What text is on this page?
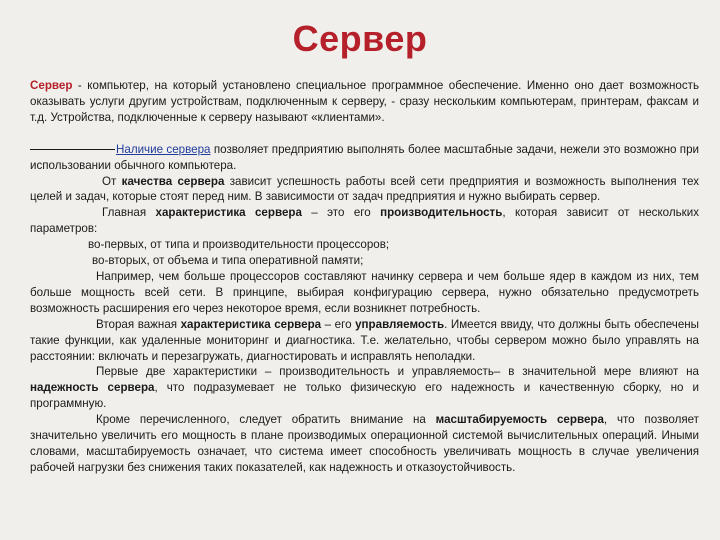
Сервер

Сервер - компьютер, на который установлено специальное программное обеспечение. Именно оно дает возможность оказывать услуги другим устройствам, подключенным к серверу, - сразу нескольким компьютерам, принтерам, факсам и т.д. Устройства, подключенные к серверу называют «клиентами».

Наличие сервера позволяет предприятию выполнять более масштабные задачи, нежели это возможно при использовании обычного компьютера.

От качества сервера зависит успешность работы всей сети предприятия и возможность выполнения тех целей и задач, которые стоят перед ним. В зависимости от задач предприятия и нужно выбирать сервер.

Главная характеристика сервера – это его производительность, которая зависит от нескольких параметров:

во-первых, от типа и производительности процессоров;

во-вторых, от объема и типа оперативной памяти;

Например, чем больше процессоров составляют начинку сервера и чем больше ядер в каждом из них, тем больше мощность всей сети. В принципе, выбирая конфигурацию сервера, нужно обязательно предусмотреть возможность расширения его через некоторое время, если возникнет потребность.

Вторая важная характеристика сервера – его управляемость. Имеется ввиду, что должны быть обеспечены такие функции, как удаленные мониторинг и диагностика. Т.е. желательно, чтобы сервером можно было управлять на расстоянии: включать и перезагружать, диагностировать и исправлять неполадки.

Первые две характеристики – производительность и управляемость– в значительной мере влияют на надежность сервера, что подразумевает не только физическую его надежность и качественную сборку, но и программную.

Кроме перечисленного, следует обратить внимание на масштабируемость сервера, что позволяет значительно увеличить его мощность в плане производимых операционной системой вычислительных операций. Иными словами, масштабируемость означает, что система имеет способность увеличивать мощность в случае увеличения рабочей нагрузки без снижения таких показателей, как надежность и отказоустойчивость.
